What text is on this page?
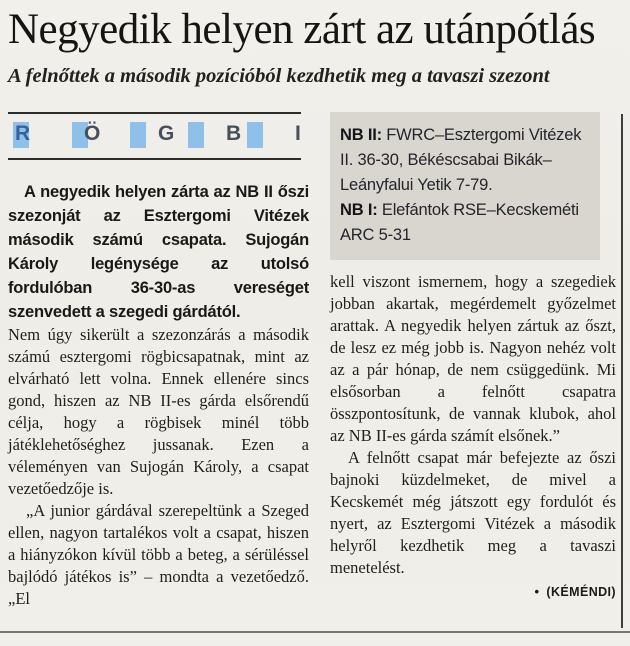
Negyedik helyen zárt az utánpótlás

A felnőttek a második pozícióból kezdhetik meg a tavaszi szezont

R	Ö	G B	I

A negyedik helyen zárta az NB II őszi szezonját az Esztergomi Vitézek második számú csapata. Sujogán Károly legénysége az utolsó fordulóban 36-30-as vereséget szenvedett a szegedi gárdától.

Nem úgy sikerült a szezonzárás a második számú esztergomi rögbicsapatnak, mint az elvárható lett volna. Ennek ellenére sincs gond, hiszen az NB II-es gárda elsőrendű célja, hogy a rögbisek minél több játéklehetőséghez jussanak. Ezen a véleményen van Sujogán Károly, a csapat vezetőedzője is.

„A junior gárdával szerepeltünk a Szeged ellen, nagyon tartalékos volt a csapat, hiszen a hiányzókon kívül több a beteg, a sérüléssel bajlódó játékos is” – mondta a vezetőedző. „El

NB II: FWRC–Esztergomi Vitézek II. 36-30, Békéscsabai Bikák–Leányfalui Yetik 7-79.

NB I: Elefántok RSE–Kecskeméti ARC 5-31

kell viszont ismernem, hogy a szegediek jobban akartak, megérdemelt győzelmet arattak. A negyedik helyen zártuk az őszt, de lesz ez még jobb is. Nagyon nehéz volt az a pár hónap, de nem csüggedünk. Mi elsősorban a felnőtt csapatra összpontosítunk, de vannak klubok, ahol az NB II-es gárda számít elsőnek.”

A felnőtt csapat már befejezte az őszi bajnoki küzdelmeket, de mivel a Kecskemét még játszott egy fordulót és nyert, az Esztergomi Vitézek a második helyről kezdhetik meg a tavaszi menetelést.

• (KÉMÉNDI)
